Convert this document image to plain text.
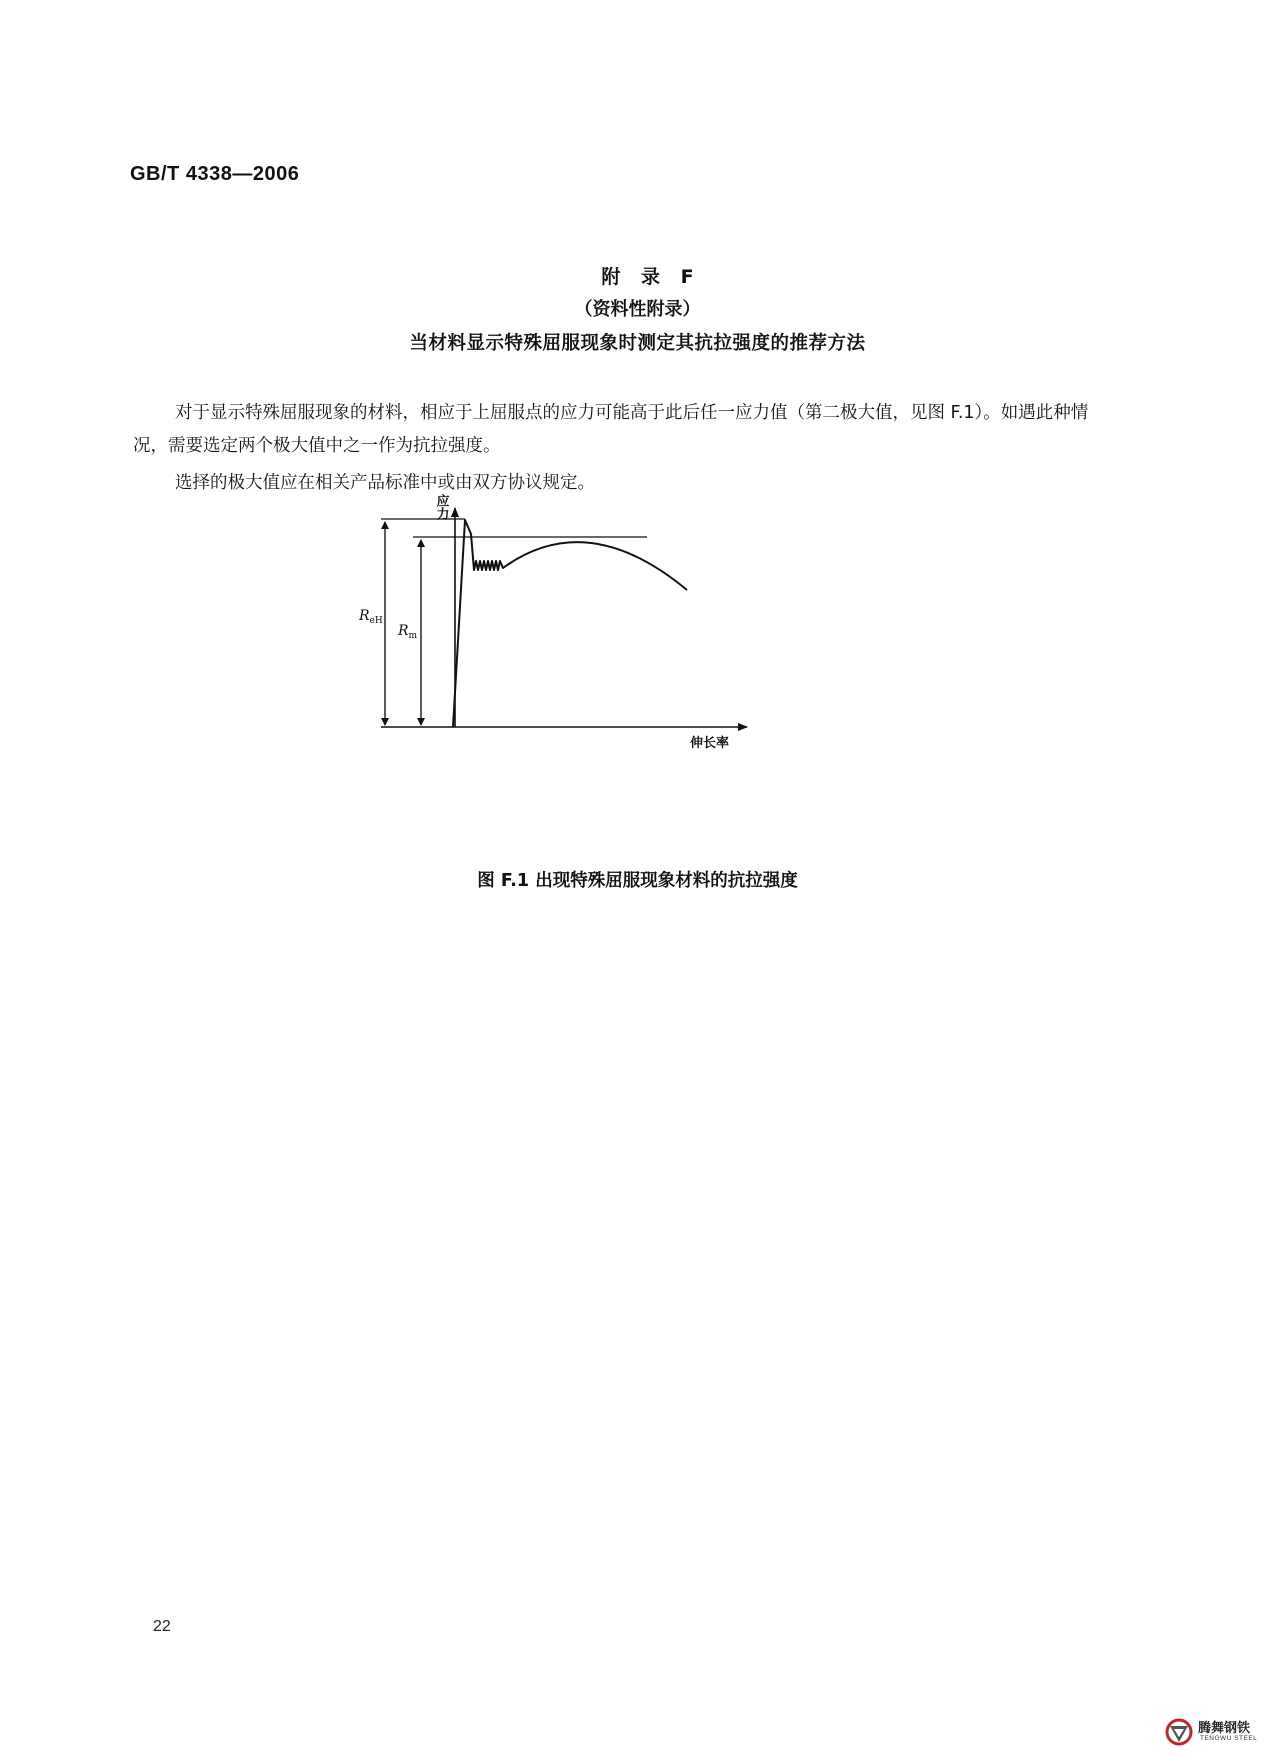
GB/T 4338—2006
附 录 F
（资料性附录）
当材料显示特殊屈服现象时测定其抗拉强度的推荐方法
对于显示特殊屈服现象的材料，相应于上屈服点的应力可能高于此后任一应力值（第二极大值，见图 F.1）。如遇此种情况，需要选定两个极大值中之一作为抗拉强度。
选择的极大值应在相关产品标准中或由双方协议规定。
应力
伸长率
$R_{eH}$
$R_m$
图 F.1 出现特殊屈服现象材料的抗拉强度
22
腾舞钢铁
TENGWU STEEL
